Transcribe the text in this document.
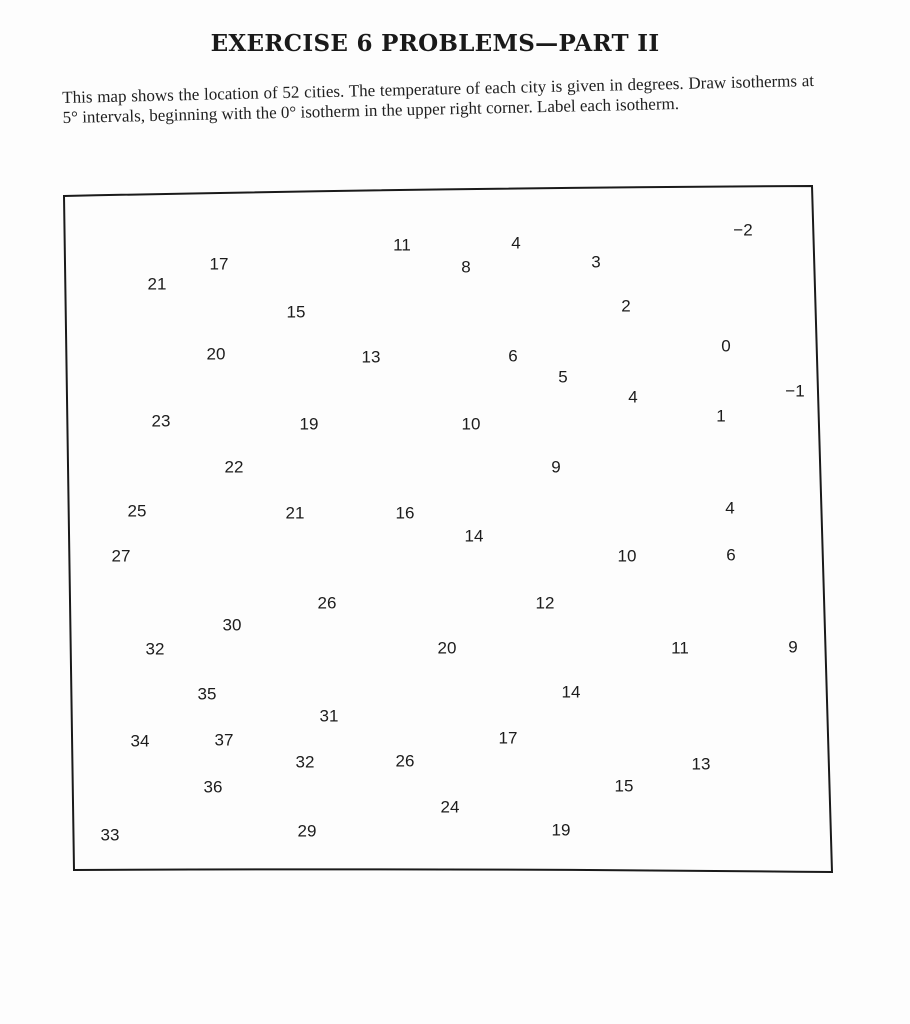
EXERCISE 6 PROBLEMS—PART II
This map shows the location of 52 cities. The temperature of each city is given in degrees. Draw isotherms at 5° intervals, beginning with the 0° isotherm in the upper right corner. Label each isotherm.
11	4
−2
17	8	3
21
15	2
20	13	6
0
5
4	−1
23	19	10	1
22	9
25	21	16	4
14
27	10	6
26	12
30
32	20	11	9
35	14
31
34	37	17
32	26	13
36	15
24
33	29	19
